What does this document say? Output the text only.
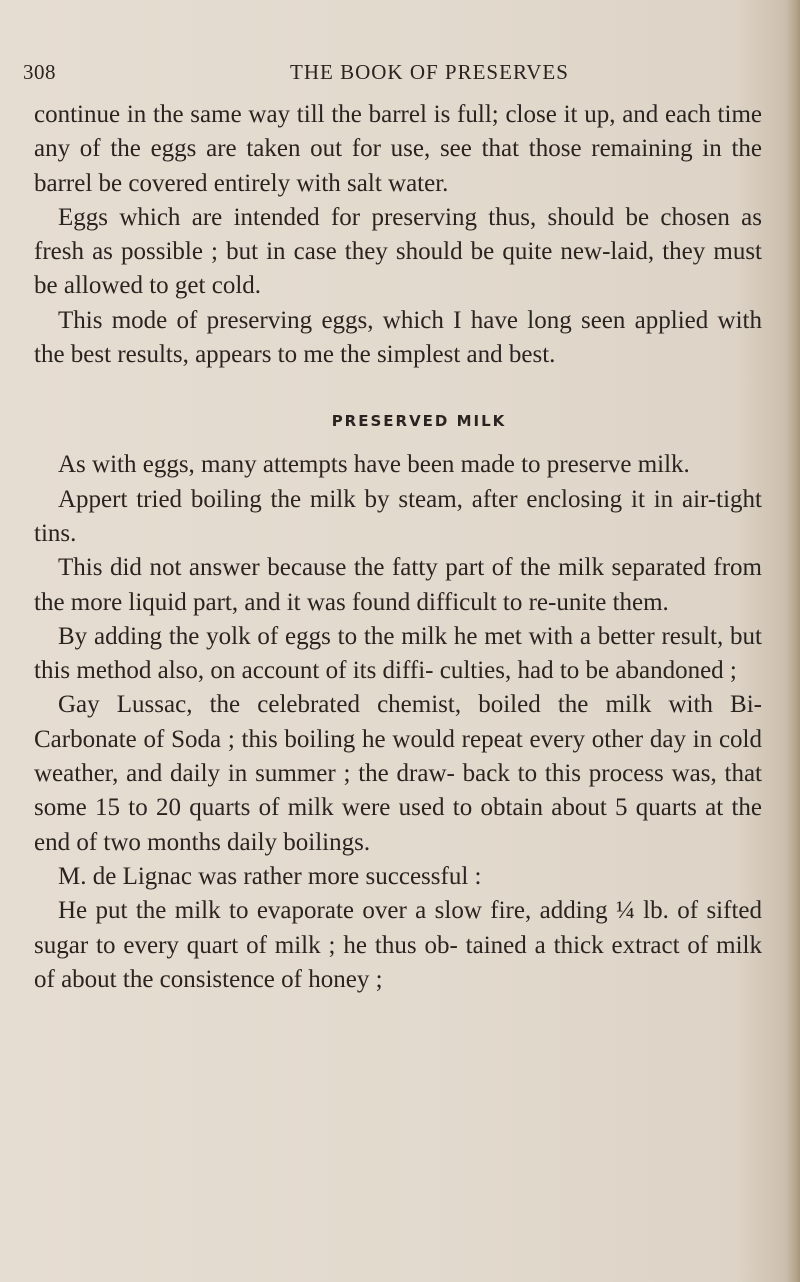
308	THE BOOK OF PRESERVES

continue in the same way till the barrel is full; close it up, and each time any of the eggs are taken out for use, see that those remaining in the barrel be covered entirely with salt water.

Eggs which are intended for preserving thus, should be chosen as fresh as possible ; but in case they should be quite new-laid, they must be allowed to get cold.

This mode of preserving eggs, which I have long seen applied with the best results, appears to me the simplest and best.

PRESERVED MILK

As with eggs, many attempts have been made to preserve milk.

Appert tried boiling the milk by steam, after enclosing it in air-tight tins.

This did not answer because the fatty part of the milk separated from the more liquid part, and it was found difficult to re-unite them.

By adding the yolk of eggs to the milk he met with a better result, but this method also, on account of its diffi- culties, had to be abandoned ;

Gay Lussac, the celebrated chemist, boiled the milk with Bi-Carbonate of Soda ; this boiling he would repeat every other day in cold weather, and daily in summer ; the draw- back to this process was, that some 15 to 20 quarts of milk were used to obtain about 5 quarts at the end of two months daily boilings.

M. de Lignac was rather more successful :

He put the milk to evaporate over a slow fire, adding ¼ lb. of sifted sugar to every quart of milk ; he thus ob- tained a thick extract of milk of about the consistence of honey ;
